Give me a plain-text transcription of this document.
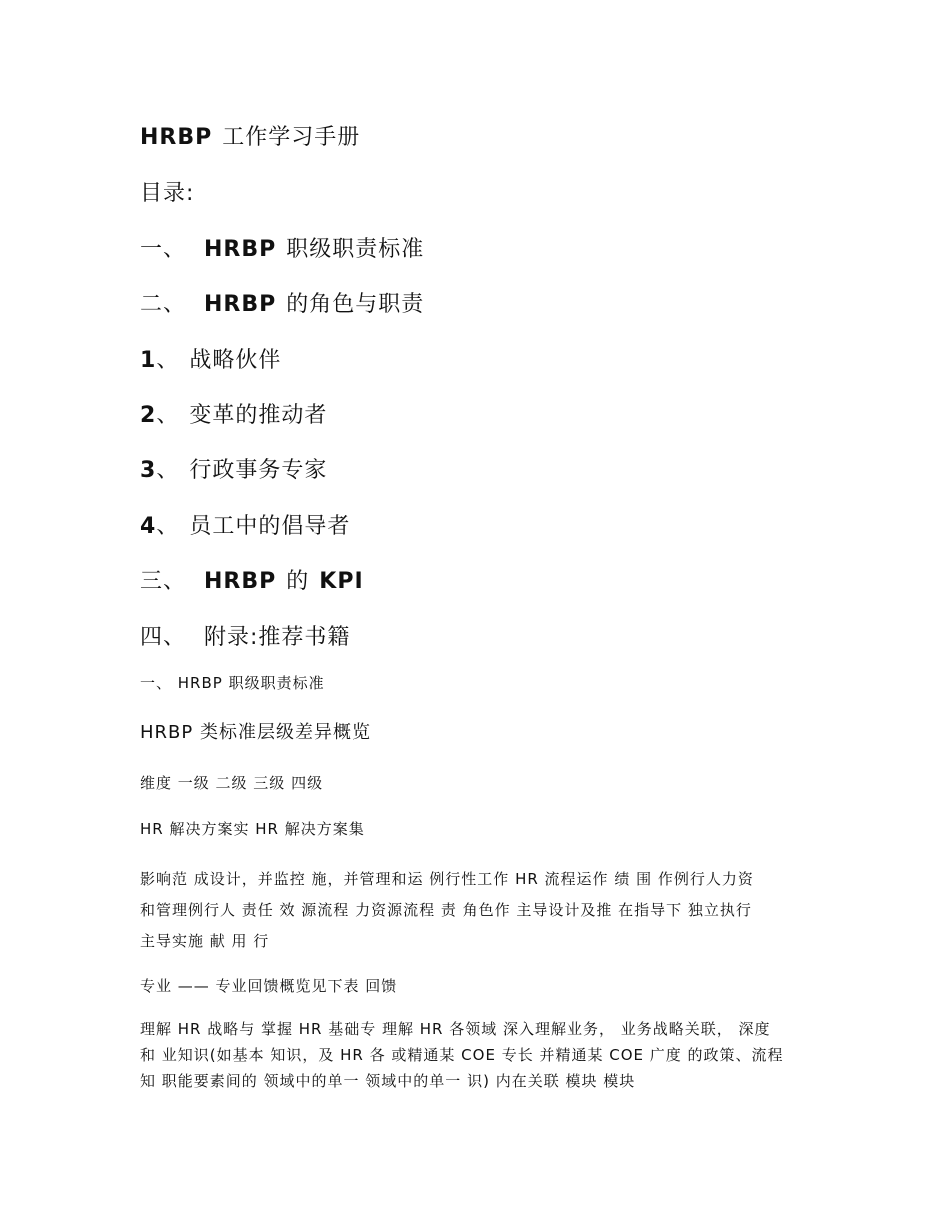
HRBP 工作学习手册
目录:
一、 HRBP 职级职责标准
二、 HRBP 的角色与职责
1、 战略伙伴
2、 变革的推动者
3、 行政事务专家
4、 员工中的倡导者
三、 HRBP 的 KPI
四、 附录:推荐书籍
一、 HRBP 职级职责标准
HRBP 类标准层级差异概览
维度 一级 二级 三级 四级
HR 解决方案实 HR 解决方案集
影响范 成设计，并监控 施，并管理和运 例行性工作 HR 流程运作 绩 围 作例行人力资
和管理例行人 责任 效 源流程 力资源流程 责 角色作 主导设计及推 在指导下 独立执行
主导实施 献 用 行
专业 —— 专业回馈概览见下表 回馈
理解 HR 战略与 掌握 HR 基础专 理解 HR 各领域 深入理解业务， 业务战略关联， 深度
和 业知识(如基本 知识，及 HR 各 或精通某 COE 专长 并精通某 COE 广度 的政策、流程
知 职能要素间的 领域中的单一 领域中的单一 识) 内在关联 模块 模块
